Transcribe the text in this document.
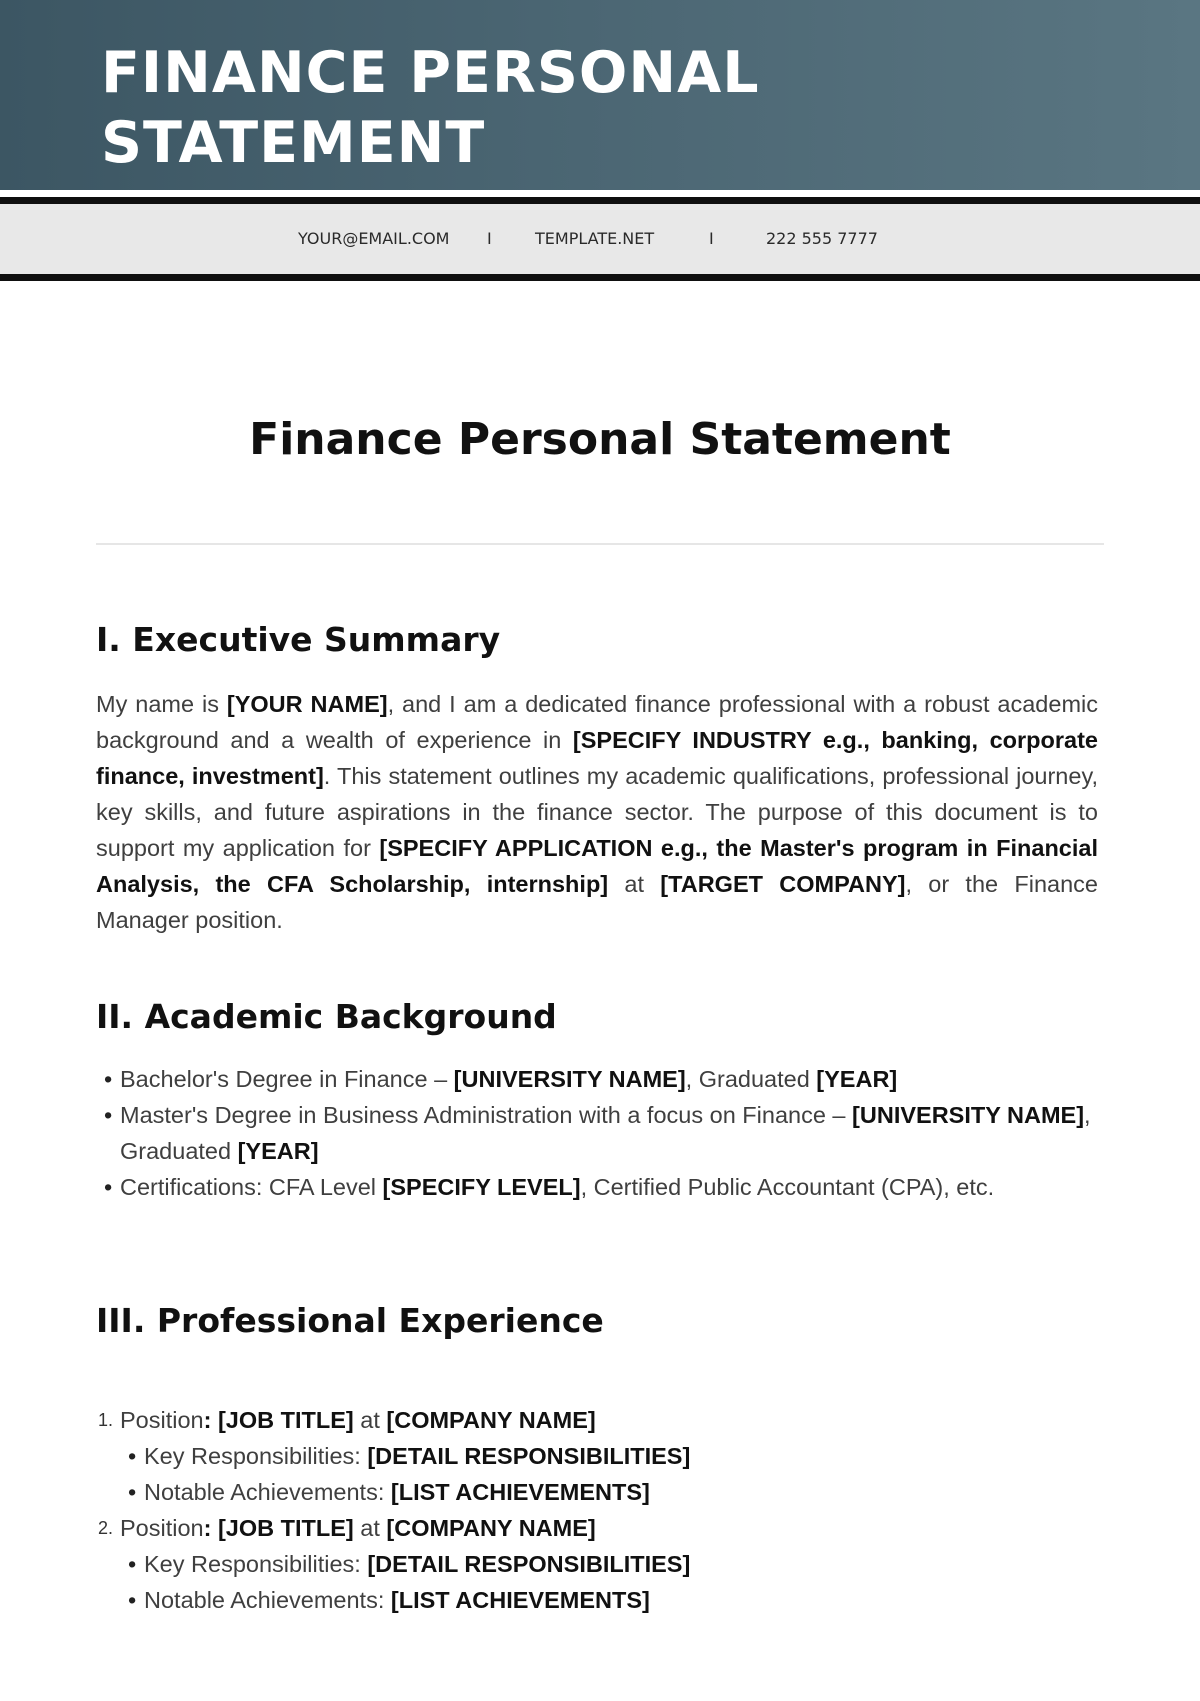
FINANCE PERSONAL
STATEMENT
YOUR@EMAIL.COM I	TEMPLATE.NET	I	222 555 7777
Finance Personal Statement
I. Executive Summary

My name is [YOUR NAME], and I am a dedicated finance professional with a robust academic background and a wealth of experience in [SPECIFY INDUSTRY e.g., banking, corporate finance, investment]. This statement outlines my academic qualifications, professional journey, key skills, and future aspirations in the finance sector. The purpose of this document is to support my application for [SPECIFY APPLICATION e.g., the Master's program in Financial Analysis, the CFA Scholarship, internship] at [TARGET COMPANY], or the Finance Manager position.

II. Academic Background
• Bachelor's Degree in Finance – [UNIVERSITY NAME], Graduated [YEAR]
• Master's Degree in Business Administration with a focus on Finance – [UNIVERSITY NAME], Graduated [YEAR]
• Certifications: CFA Level [SPECIFY LEVEL], Certified Public Accountant (CPA), etc.
III. Professional Experience
1. Position: [JOB TITLE] at [COMPANY NAME]
• Key Responsibilities: [DETAIL RESPONSIBILITIES]
• Notable Achievements: [LIST ACHIEVEMENTS]
2. Position: [JOB TITLE] at [COMPANY NAME]
• Key Responsibilities: [DETAIL RESPONSIBILITIES]
• Notable Achievements: [LIST ACHIEVEMENTS]
